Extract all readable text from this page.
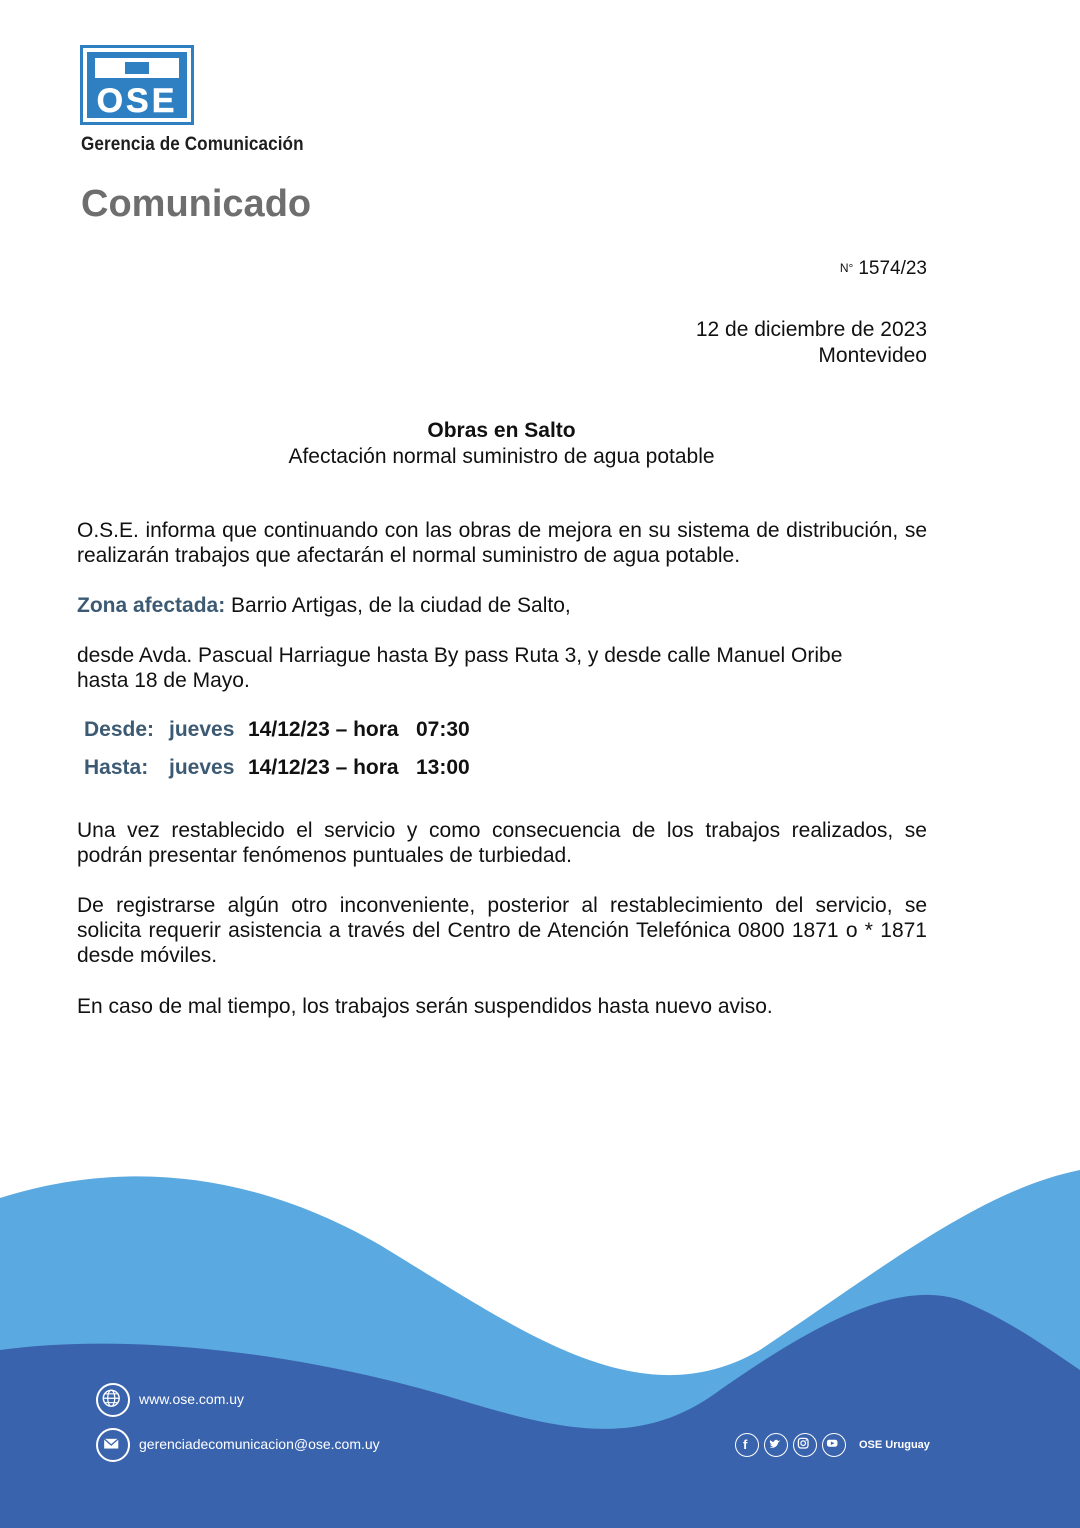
OSE
Gerencia de Comunicación
Comunicado
N° 1574/23
12 de diciembre de 2023
Montevideo
Obras en Salto
Afectación normal suministro de agua potable
O.S.E. informa que continuando con las obras de mejora en su sistema de distribución, se realizarán trabajos que afectarán el normal suministro de agua potable.
Zona afectada: Barrio Artigas, de la ciudad de Salto,
desde Avda. Pascual Harriague hasta By pass Ruta 3, y desde calle Manuel Oribe hasta 18 de Mayo.
Desde: jueves 14/12/23 – hora 07:30
Hasta: jueves 14/12/23 – hora 13:00
Una vez restablecido el servicio y como consecuencia de los trabajos realizados, se podrán presentar fenómenos puntuales de turbiedad.
De registrarse algún otro inconveniente, posterior al restablecimiento del servicio, se solicita requerir asistencia a través del Centro de Atención Telefónica 0800 1871 o * 1871 desde móviles.
En caso de mal tiempo, los trabajos serán suspendidos hasta nuevo aviso.
www.ose.com.uy
gerenciadecomunicacion@ose.com.uy	f	OSE Uruguay
